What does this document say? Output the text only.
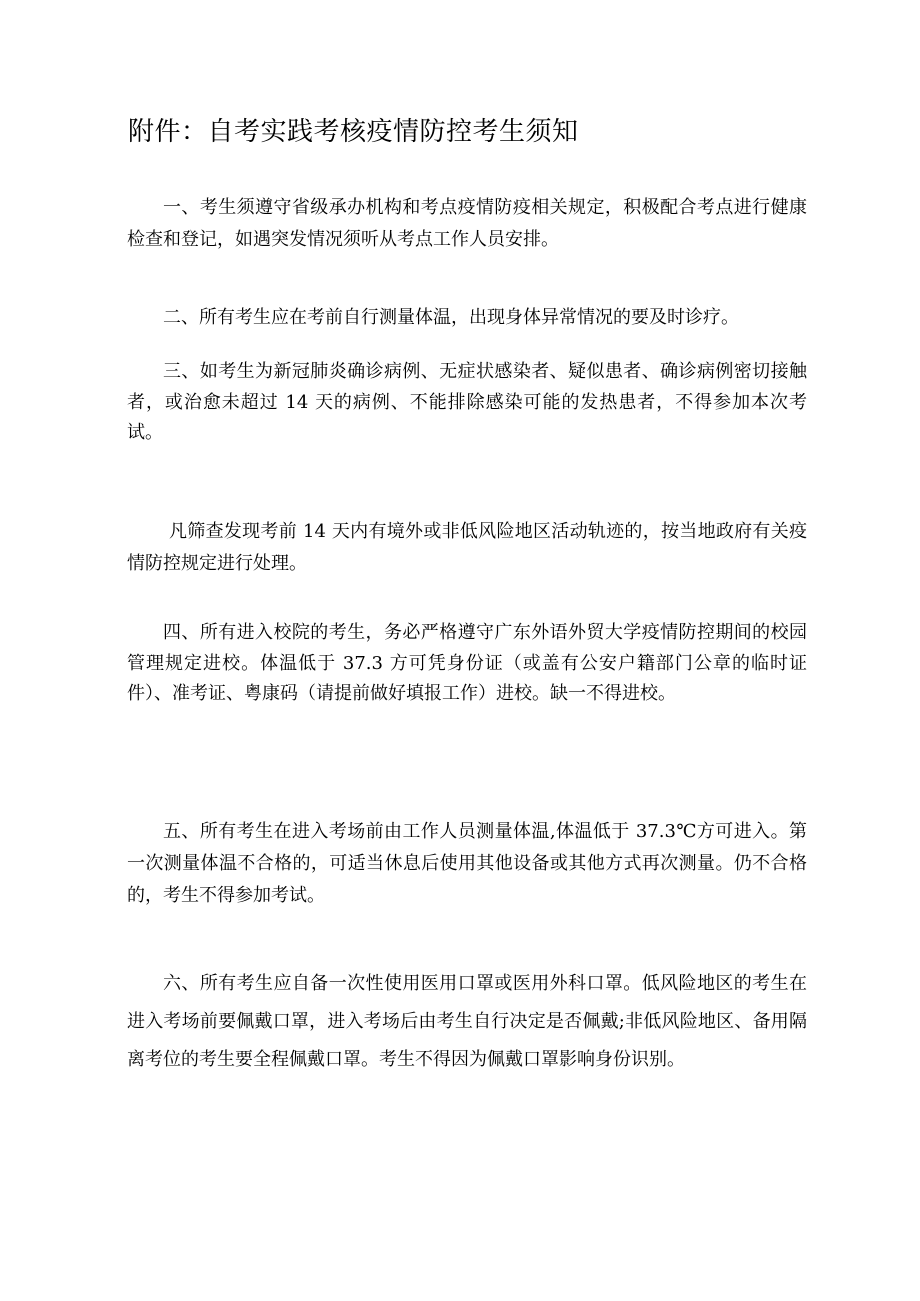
附件：自考实践考核疫情防控考生须知
一、考生须遵守省级承办机构和考点疫情防疫相关规定，积极配合考点进行健康检查和登记，如遇突发情况须听从考点工作人员安排。
二、所有考生应在考前自行测量体温，出现身体异常情况的要及时诊疗。
三、如考生为新冠肺炎确诊病例、无症状感染者、疑似患者、确诊病例密切接触者，或治愈未超过 14 天的病例、不能排除感染可能的发热患者，不得参加本次考试。
凡筛查发现考前 14 天内有境外或非低风险地区活动轨迹的，按当地政府有关疫情防控规定进行处理。
四、所有进入校院的考生，务必严格遵守广东外语外贸大学疫情防控期间的校园管理规定进校。体温低于 37.3 方可凭身份证（或盖有公安户籍部门公章的临时证件）、准考证、粤康码（请提前做好填报工作）进校。缺一不得进校。
五、所有考生在进入考场前由工作人员测量体温,体温低于 37.3℃方可进入。第一次测量体温不合格的，可适当休息后使用其他设备或其他方式再次测量。仍不合格的，考生不得参加考试。
六、所有考生应自备一次性使用医用口罩或医用外科口罩。低风险地区的考生在进入考场前要佩戴口罩，进入考场后由考生自行决定是否佩戴;非低风险地区、备用隔离考位的考生要全程佩戴口罩。考生不得因为佩戴口罩影响身份识别。
